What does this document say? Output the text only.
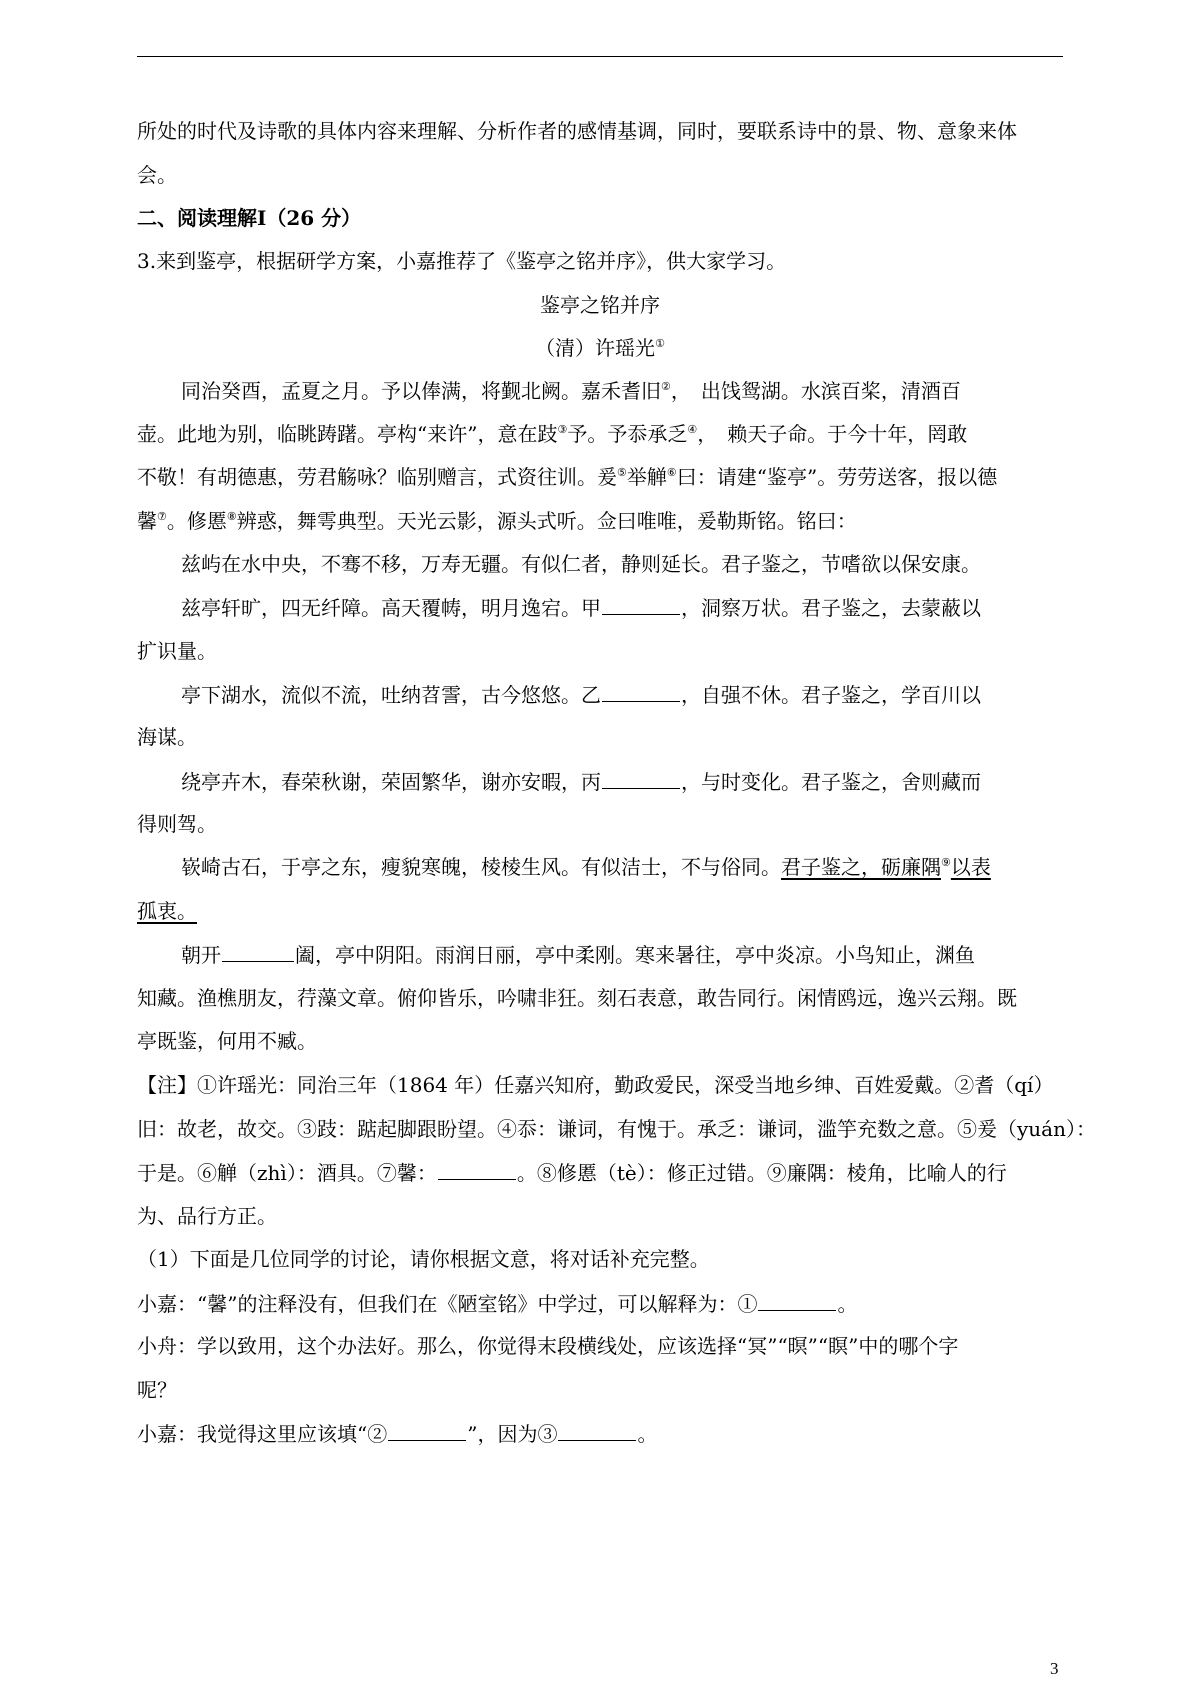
所处的时代及诗歌的具体内容来理解、分析作者的感情基调，同时，要联系诗中的景、物、意象来体
会。
二、阅读理解Ⅰ（26 分）
3.来到鉴亭，根据研学方案，小嘉推荐了《鉴亭之铭并序》，供大家学习。
鉴亭之铭并序
（清）许瑶光①
同治癸酉，孟夏之月。予以俸满，将觐北阙。嘉禾耆旧②，　出饯鸳湖。水滨百桨，清酒百
壶。此地为别，临眺踌躇。亭构“来许”，意在跂③予。予忝承乏④，　赖天子命。于今十年，罔敢
不敬！有胡德惠，劳君觞咏？临别赠言，式资往训。爰⑤举觯⑥曰：请建“鉴亭”。劳劳送客，报以德
馨⑦。修慝⑧辨惑，舞雩典型。天光云影，源头式听。佥曰唯唯，爰勒斯铭。铭曰：
兹屿在水中央，不骞不移，万寿无疆。有似仁者，静则延长。君子鉴之，节嗜欲以保安康。
兹亭轩旷，四无纤障。高天覆帱，明月逸宕。甲	，洞察万状。君子鉴之，去蒙蔽以
扩识量。
亭下湖水，流似不流，吐纳苕霅，古今悠悠。乙	，自强不休。君子鉴之，学百川以
海谋。
绕亭卉木，春荣秋谢，荣固繁华，谢亦安暇，丙	，与时变化。君子鉴之，舍则藏而
得则驾。
嵚崎古石，于亭之东，瘦貌寒魄，棱棱生风。有似洁士，不与俗同。君子鉴之，砺廉隅⑨以表
孤衷。
朝开	阖，亭中阴阳。雨润日丽，亭中柔刚。寒来暑往，亭中炎凉。小鸟知止，渊鱼
知藏。渔樵朋友，荇藻文章。俯仰皆乐，吟啸非狂。刻石表意，敢告同行。闲情鸥远，逸兴云翔。既
亭既鉴，何用不臧。
【注】①许瑶光：同治三年（1864 年）任嘉兴知府，勤政爱民，深受当地乡绅、百姓爱戴。②耆（qí）
旧：故老，故交。③跂：踮起脚跟盼望。④忝：谦词，有愧于。承乏：谦词，滥竽充数之意。⑤爰（yuán）：
于是。⑥觯（zhì）：酒具。⑦馨：	。⑧修慝（tè）：修正过错。⑨廉隅：棱角，比喻人的行
为、品行方正。
（1）下面是几位同学的讨论，请你根据文意，将对话补充完整。
小嘉：“馨”的注释没有，但我们在《陋室铭》中学过，可以解释为：①	。
小舟：学以致用，这个办法好。那么，你觉得末段横线处，应该选择“冥”“暝”“瞑”中的哪个字
呢？
小嘉：我觉得这里应该填“②	”，因为③	。
3
